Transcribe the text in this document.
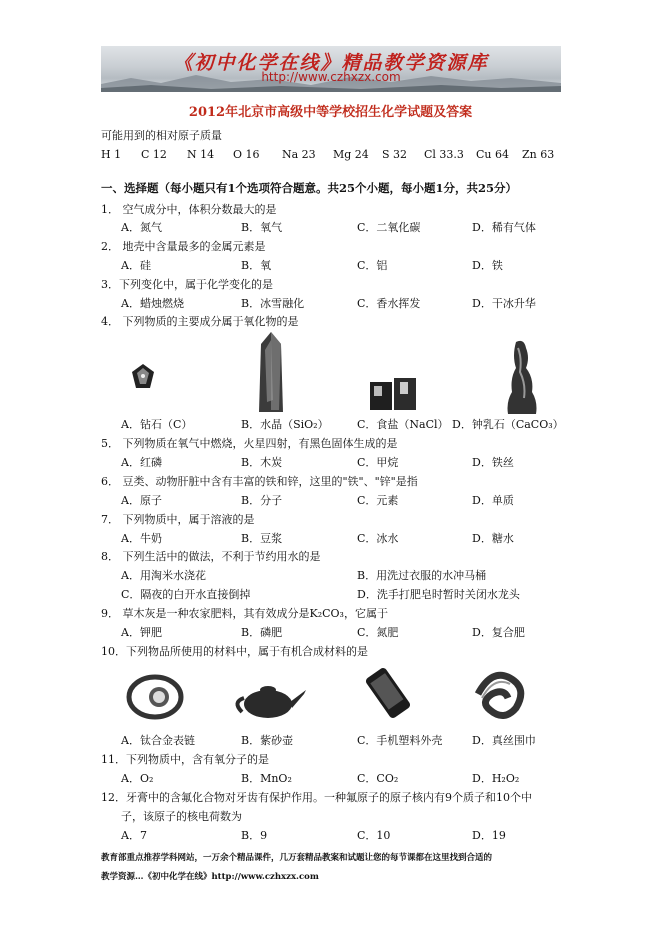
《初中化学在线》精品教学资源库
http://www.czhxzx.com
2012年北京市高级中等学校招生化学试题及答案
可能用到的相对原子质量
H 1 C 12 N 14 O 16 Na 23 Mg 24 S 32 Cl 33.3 Cu 64 Zn 63
一、选择题（每小题只有1个选项符合题意。共25个小题，每小题1分，共25分）
1． 空气成分中，体积分数最大的是
A．氮气	B．氧气	C．二氧化碳	D．稀有气体
2． 地壳中含量最多的金属元素是
A．硅	B．氧	C．铝	D．铁
3．下列变化中，属于化学变化的是
A．蜡烛燃烧	B．冰雪融化	C．香水挥发	D．干冰升华
4． 下列物质的主要成分属于氧化物的是
A．钻石（C）	B．水晶（SiO₂）	C．食盐（NaCl） D．钟乳石（CaCO₃）
5． 下列物质在氧气中燃烧，火星四射，有黑色固体生成的是
A．红磷	B．木炭	C．甲烷	D．铁丝
6． 豆类、动物肝脏中含有丰富的铁和锌，这里的"铁"、"锌"是指
A．原子	B．分子	C．元素	D．单质
7． 下列物质中，属于溶液的是
A．牛奶	B．豆浆	C．冰水	D．糖水
8． 下列生活中的做法，不利于节约用水的是
A．用淘米水浇花	B．用洗过衣服的水冲马桶
C．隔夜的白开水直接倒掉	D．洗手打肥皂时暂时关闭水龙头
9． 草木灰是一种农家肥料，其有效成分是K₂CO₃，它属于
A．钾肥	B．磷肥	C．氮肥	D．复合肥
10．下列物品所使用的材料中，属于有机合成材料的是
A．钛合金表链	B．紫砂壶	C．手机塑料外壳	D．真丝围巾
11．下列物质中，含有氧分子的是
A．O₂	B．MnO₂	C．CO₂	D．H₂O₂
12．牙膏中的含氟化合物对牙齿有保护作用。一种氟原子的原子核内有9个质子和10个中
子，该原子的核电荷数为
A．7	B．9	C．10	D．19
教育部重点推荐学科网站，一万余个精品课件，几万套精品教案和试题让您的每节课都在这里找到合适的
教学资源…《初中化学在线》http://www.czhxzx.com
